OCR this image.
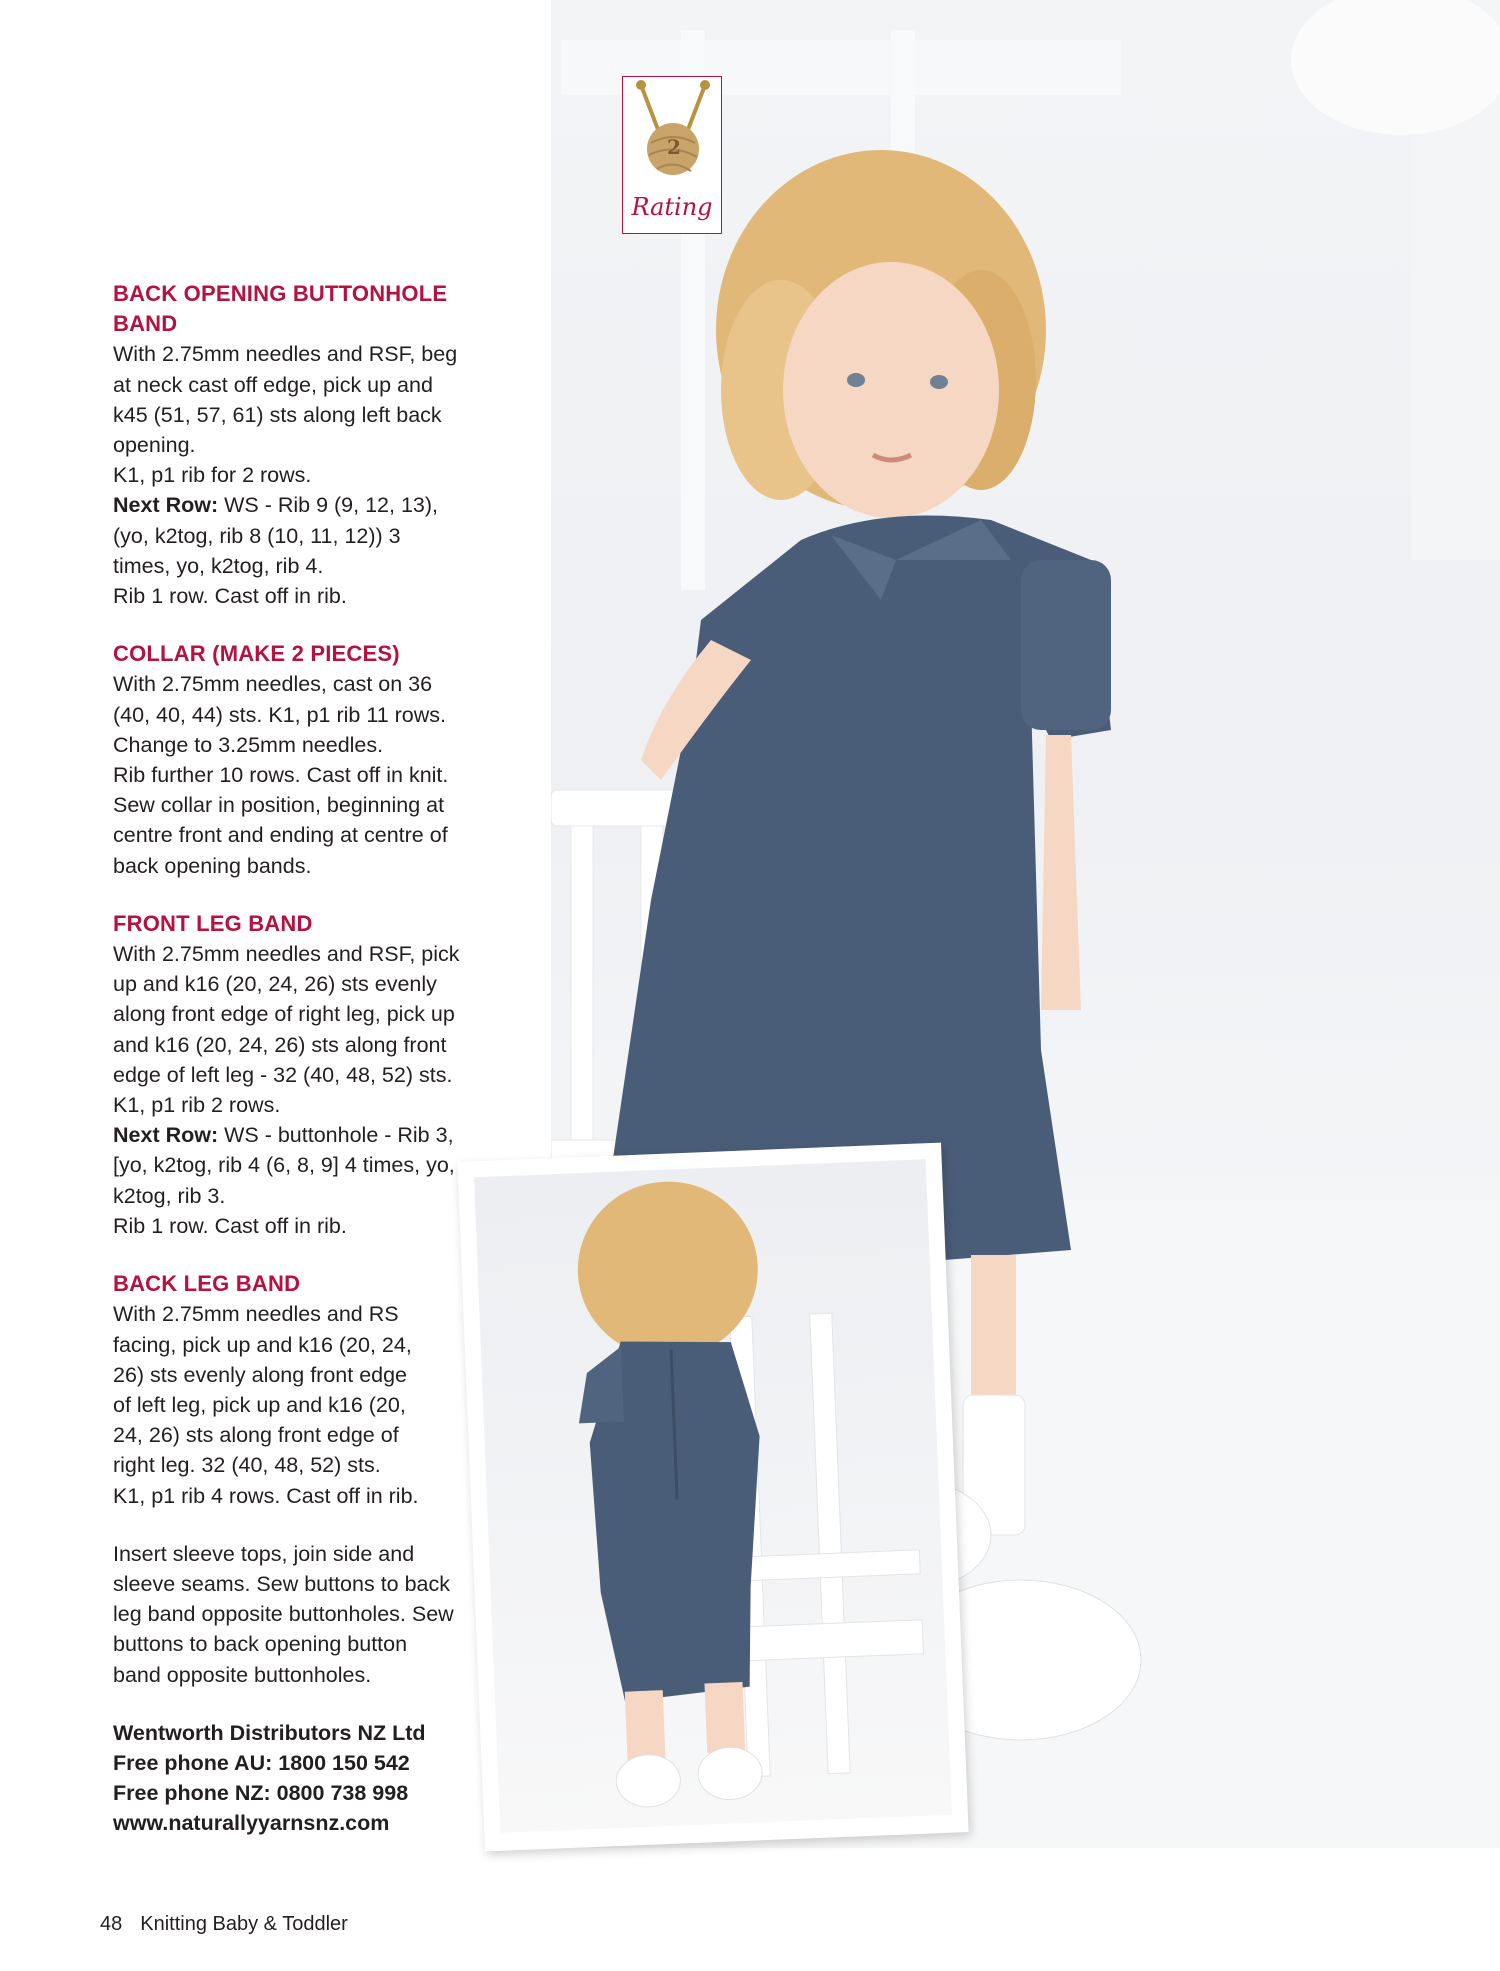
2
Rating
BACK OPENING BUTTONHOLE
BAND
With 2.75mm needles and RSF, beg
at neck cast off edge, pick up and
k45 (51, 57, 61) sts along left back
opening.
K1, p1 rib for 2 rows.
Next Row: WS - Rib 9 (9, 12, 13),
(yo, k2tog, rib 8 (10, 11, 12)) 3
times, yo, k2tog, rib 4.
Rib 1 row. Cast off in rib.
COLLAR (MAKE 2 PIECES)
With 2.75mm needles, cast on 36
(40, 40, 44) sts. K1, p1 rib 11 rows.
Change to 3.25mm needles.
Rib further 10 rows. Cast off in knit.
Sew collar in position, beginning at
centre front and ending at centre of
back opening bands.
FRONT LEG BAND
With 2.75mm needles and RSF, pick
up and k16 (20, 24, 26) sts evenly
along front edge of right leg, pick up
and k16 (20, 24, 26) sts along front
edge of left leg - 32 (40, 48, 52) sts.
K1, p1 rib 2 rows.
Next Row: WS - buttonhole - Rib 3,
[yo, k2tog, rib 4 (6, 8, 9] 4 times, yo,
k2tog, rib 3.
Rib 1 row. Cast off in rib.
BACK LEG BAND
With 2.75mm needles and RS
facing, pick up and k16 (20, 24,
26) sts evenly along front edge
of left leg, pick up and k16 (20,
24, 26) sts along front edge of
right leg. 32 (40, 48, 52) sts.
K1, p1 rib 4 rows. Cast off in rib.
Insert sleeve tops, join side and
sleeve seams. Sew buttons to back
leg band opposite buttonholes. Sew
buttons to back opening button
band opposite buttonholes.
Wentworth Distributors NZ Ltd
Free phone AU: 1800 150 542
Free phone NZ: 0800 738 998
www.naturallyyarnsnz.com
48 Knitting Baby & Toddler
